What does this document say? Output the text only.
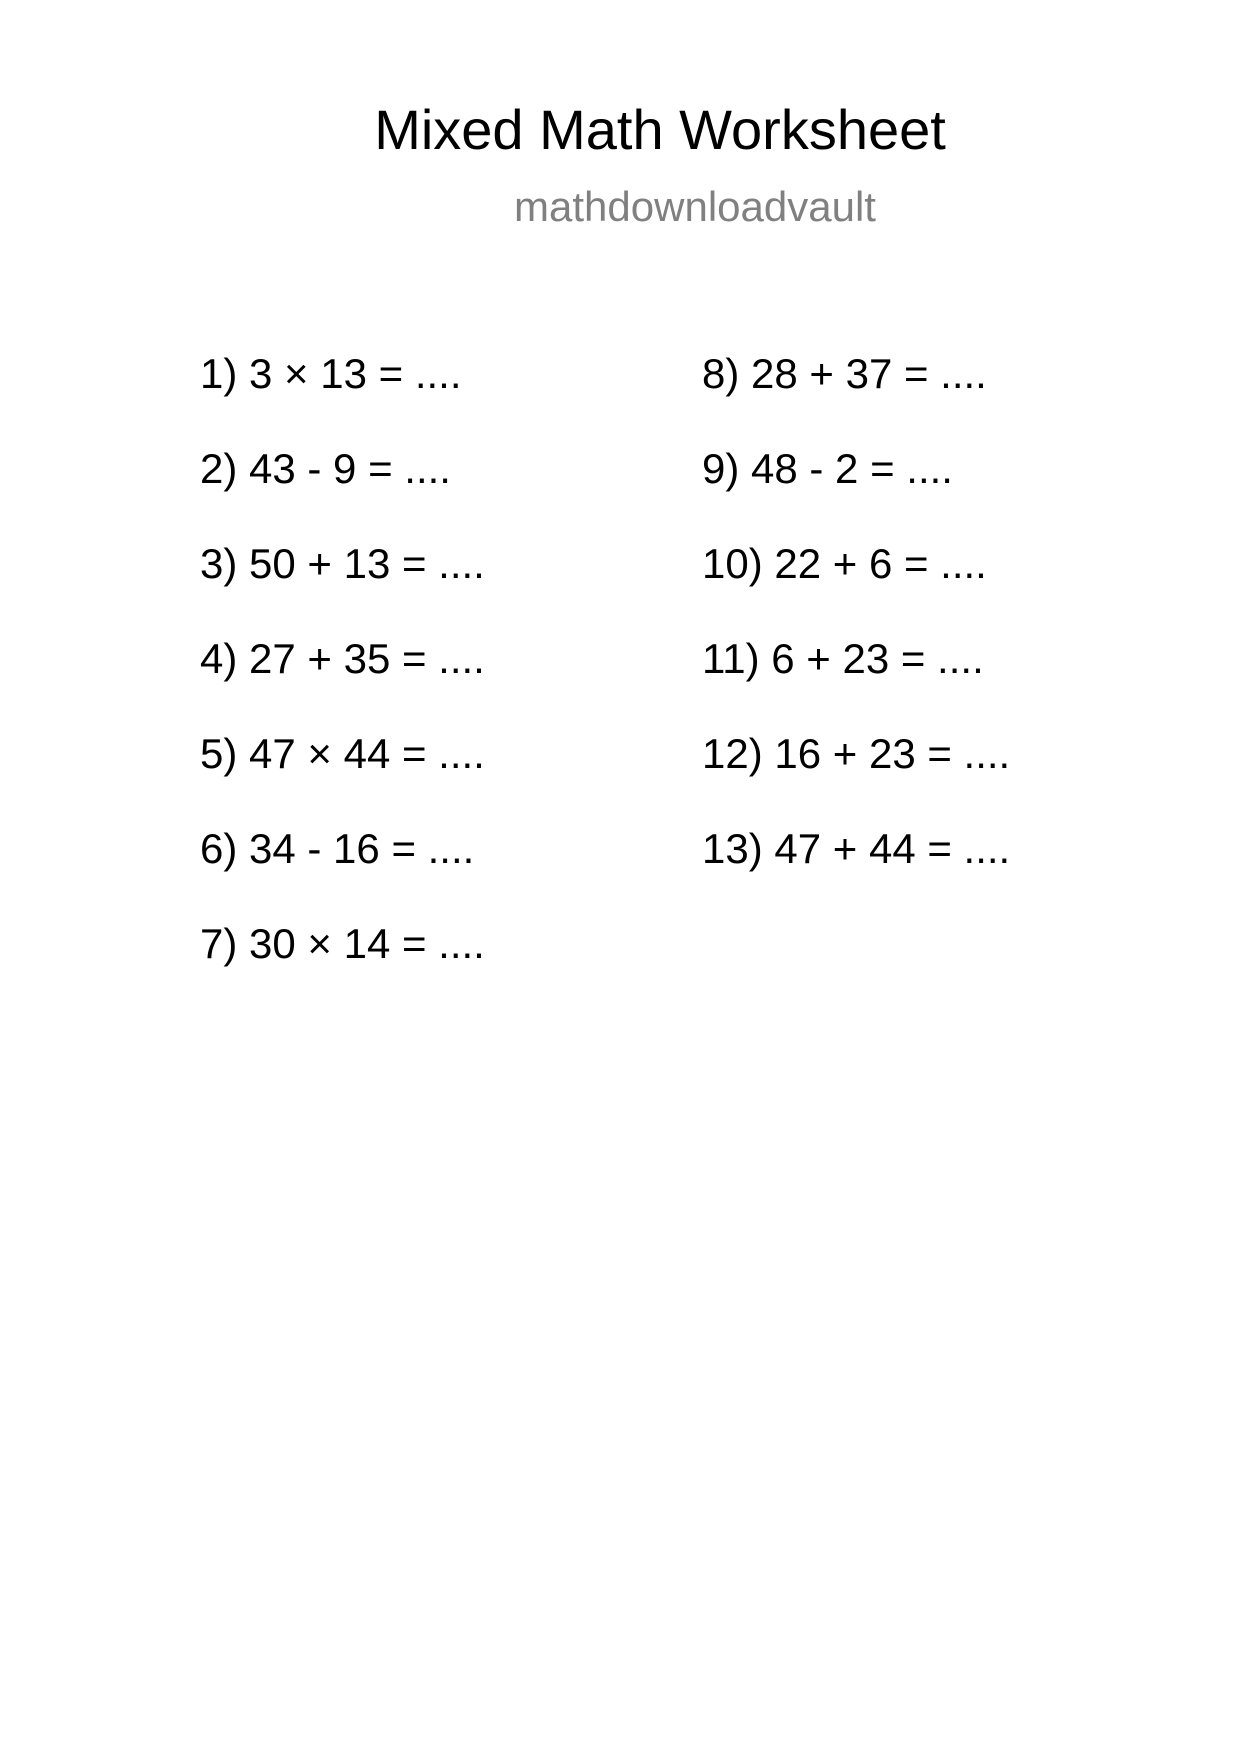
Mixed Math Worksheet
mathdownloadvault
1) 3 × 13 = ....
2) 43 - 9 = ....
3) 50 + 13 = ....
4) 27 + 35 = ....
5) 47 × 44 = ....
6) 34 - 16 = ....
7) 30 × 14 = ....
8) 28 + 37 = ....
9) 48 - 2 = ....
10) 22 + 6 = ....
11) 6 + 23 = ....
12) 16 + 23 = ....
13) 47 + 44 = ....
